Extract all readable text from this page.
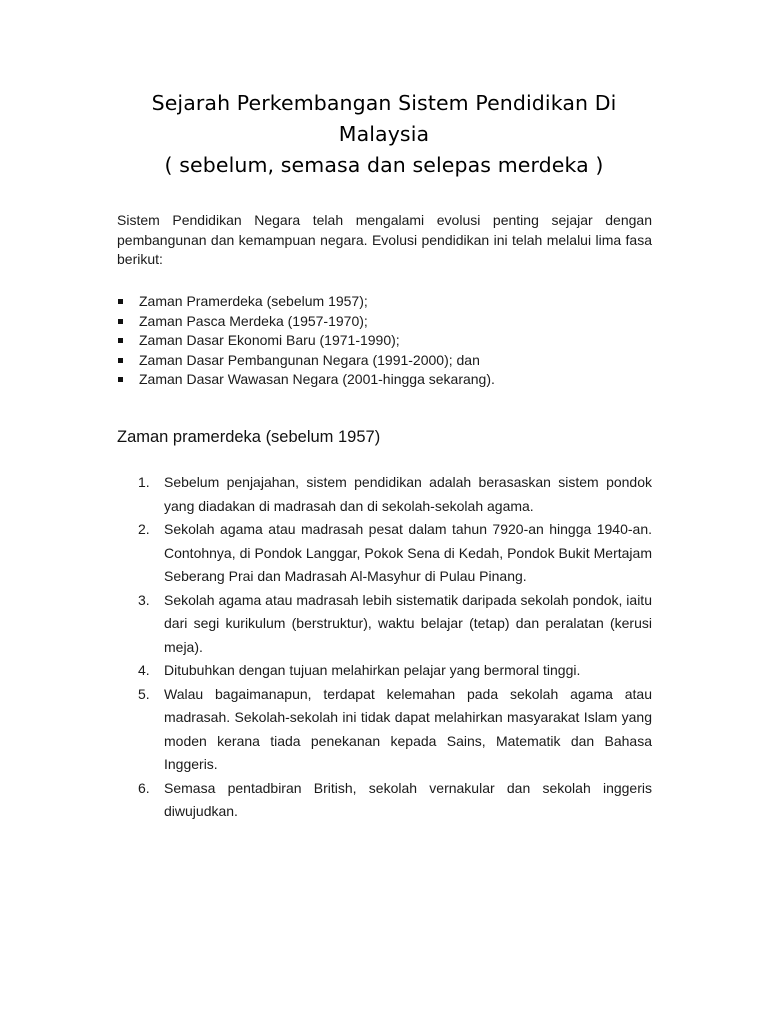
Sejarah Perkembangan Sistem Pendidikan Di
Malaysia
( sebelum, semasa dan selepas merdeka )

Sistem Pendidikan Negara telah mengalami evolusi penting sejajar dengan pembangunan dan kemampuan negara. Evolusi pendidikan ini telah melalui lima fasa berikut:

Zaman Pramerdeka (sebelum 1957);
Zaman Pasca Merdeka (1957-1970);
Zaman Dasar Ekonomi Baru (1971-1990);
Zaman Dasar Pembangunan Negara (1991-2000); dan
Zaman Dasar Wawasan Negara (2001-hingga sekarang).
Zaman pramerdeka (sebelum 1957)
1. Sebelum penjajahan, sistem pendidikan adalah berasaskan sistem pondok yang diadakan di madrasah dan di sekolah-sekolah agama.
2. Sekolah agama atau madrasah pesat dalam tahun 7920-an hingga 1940-an. Contohnya, di Pondok Langgar, Pokok Sena di Kedah, Pondok Bukit Mertajam Seberang Prai dan Madrasah Al-Masyhur di Pulau Pinang.
3. Sekolah agama atau madrasah lebih sistematik daripada sekolah pondok, iaitu dari segi kurikulum (berstruktur), waktu belajar (tetap) dan peralatan (kerusi meja).
4. Ditubuhkan dengan tujuan melahirkan pelajar yang bermoral tinggi.
5. Walau bagaimanapun, terdapat kelemahan pada sekolah agama atau madrasah. Sekolah-sekolah ini tidak dapat melahirkan masyarakat Islam yang moden kerana tiada penekanan kepada Sains, Matematik dan Bahasa Inggeris.
6. Semasa pentadbiran British, sekolah vernakular dan sekolah inggeris diwujudkan.
